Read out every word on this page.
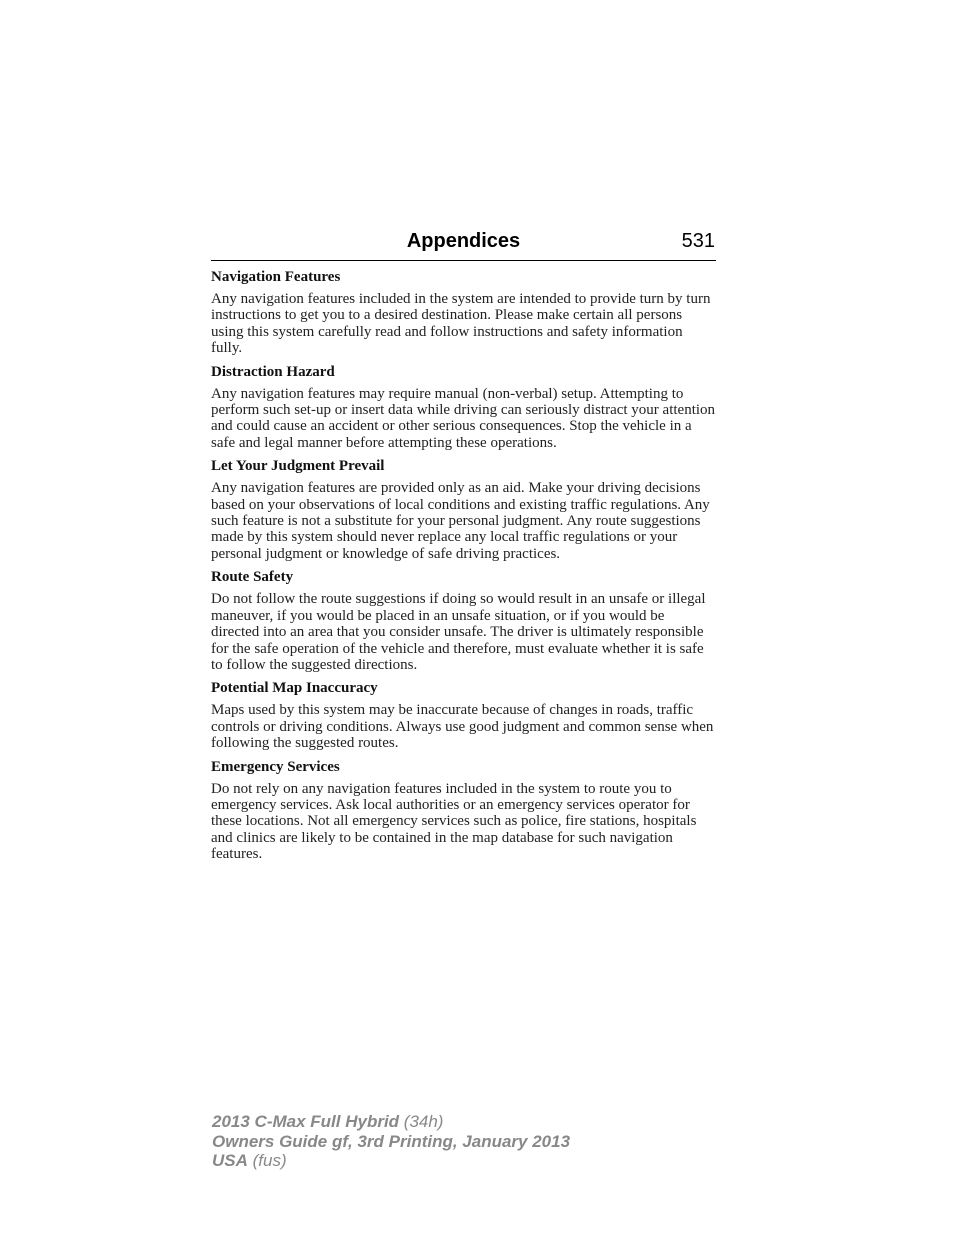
Appendices	531
Navigation Features
Any navigation features included in the system are intended to provide turn by turn instructions to get you to a desired destination. Please make certain all persons using this system carefully read and follow instructions and safety information fully.
Distraction Hazard
Any navigation features may require manual (non-verbal) setup. Attempting to perform such set-up or insert data while driving can seriously distract your attention and could cause an accident or other serious consequences. Stop the vehicle in a safe and legal manner before attempting these operations.
Let Your Judgment Prevail
Any navigation features are provided only as an aid. Make your driving decisions based on your observations of local conditions and existing traffic regulations. Any such feature is not a substitute for your personal judgment. Any route suggestions made by this system should never replace any local traffic regulations or your personal judgment or knowledge of safe driving practices.
Route Safety
Do not follow the route suggestions if doing so would result in an unsafe or illegal maneuver, if you would be placed in an unsafe situation, or if you would be directed into an area that you consider unsafe. The driver is ultimately responsible for the safe operation of the vehicle and therefore, must evaluate whether it is safe to follow the suggested directions.
Potential Map Inaccuracy
Maps used by this system may be inaccurate because of changes in roads, traffic controls or driving conditions. Always use good judgment and common sense when following the suggested routes.
Emergency Services
Do not rely on any navigation features included in the system to route you to emergency services. Ask local authorities or an emergency services operator for these locations. Not all emergency services such as police, fire stations, hospitals and clinics are likely to be contained in the map database for such navigation features.
2013 C-Max Full Hybrid (34h)
Owners Guide gf, 3rd Printing, January 2013
USA (fus)
